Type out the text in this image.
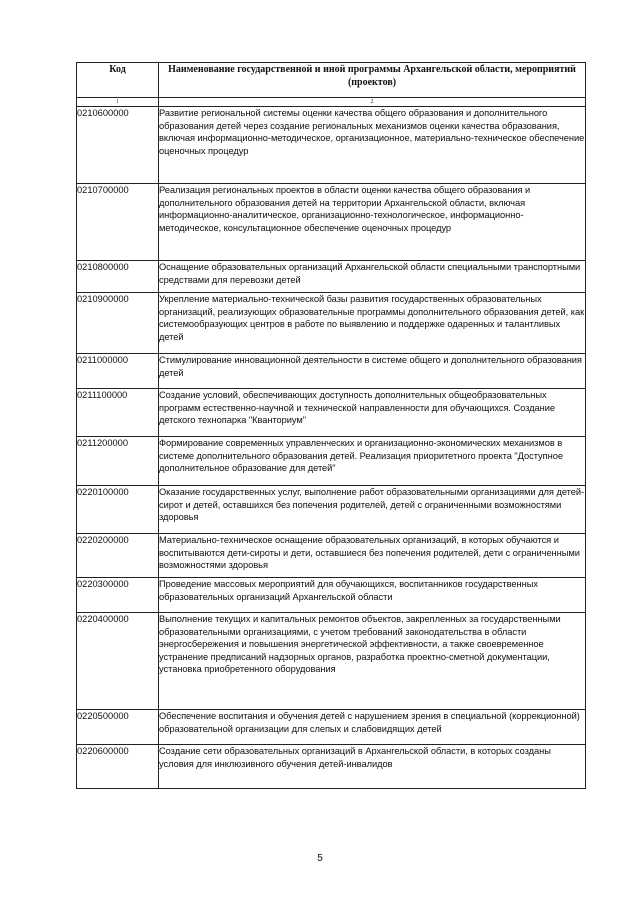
Код	Наименование государственной и иной программы Архангельской области, мероприятий (проектов)
1	2
0210600000	Развитие региональной системы оценки качества общего образования и дополнительного образования детей через создание региональных механизмов оценки качества образования, включая информационно-методическое, организационное, материально-техническое обеспечение оценочных процедур
0210700000	Реализация региональных проектов в области оценки качества общего образования и дополнительного образования детей на территории Архангельской области, включая информационно-аналитическое, организационно-технологическое, информационно-методическое, консультационное обеспечение оценочных процедур
0210800000	Оснащение образовательных организаций Архангельской области специальными транспортными средствами для перевозки детей
0210900000	Укрепление материально-технической базы развития государственных образовательных организаций, реализующих образовательные программы дополнительного образования детей, как системообразующих центров в работе по выявлению и поддержке одаренных и талантливых детей
0211000000	Стимулирование инновационной деятельности в системе общего и дополнительного образования детей
0211100000	Создание условий, обеспечивающих доступность дополнительных общеобразовательных программ естественно-научной и технической направленности для обучающихся. Создание детского технопарка "Кванториум"
0211200000	Формирование современных управленческих и организационно-экономических механизмов в системе дополнительного образования детей. Реализация приоритетного проекта "Доступное дополнительное образование для детей"
0220100000	Оказание государственных услуг, выполнение работ образовательными организациями для детей-сирот и детей, оставшихся без попечения родителей, детей с ограниченными возможностями здоровья
0220200000	Материально-техническое оснащение образовательных организаций, в которых обучаются и воспитываются дети-сироты и дети, оставшиеся без попечения родителей, дети с ограниченными возможностями здоровья
0220300000	Проведение массовых мероприятий для обучающихся, воспитанников государственных образовательных организаций Архангельской области
0220400000	Выполнение текущих и капитальных ремонтов объектов, закрепленных за государственными образовательными организациями, с учетом требований законодательства в области энергосбережения и повышения энергетической эффективности, а также своевременное устранение предписаний надзорных органов, разработка проектно-сметной документации, установка приобретенного оборудования
0220500000	Обеспечение воспитания и обучения детей с нарушением зрения в специальной (коррекционной) образовательной организации для слепых и слабовидящих детей
0220600000	Создание сети образовательных организаций в Архангельской области, в которых созданы условия для инклюзивного обучения детей-инвалидов
5
